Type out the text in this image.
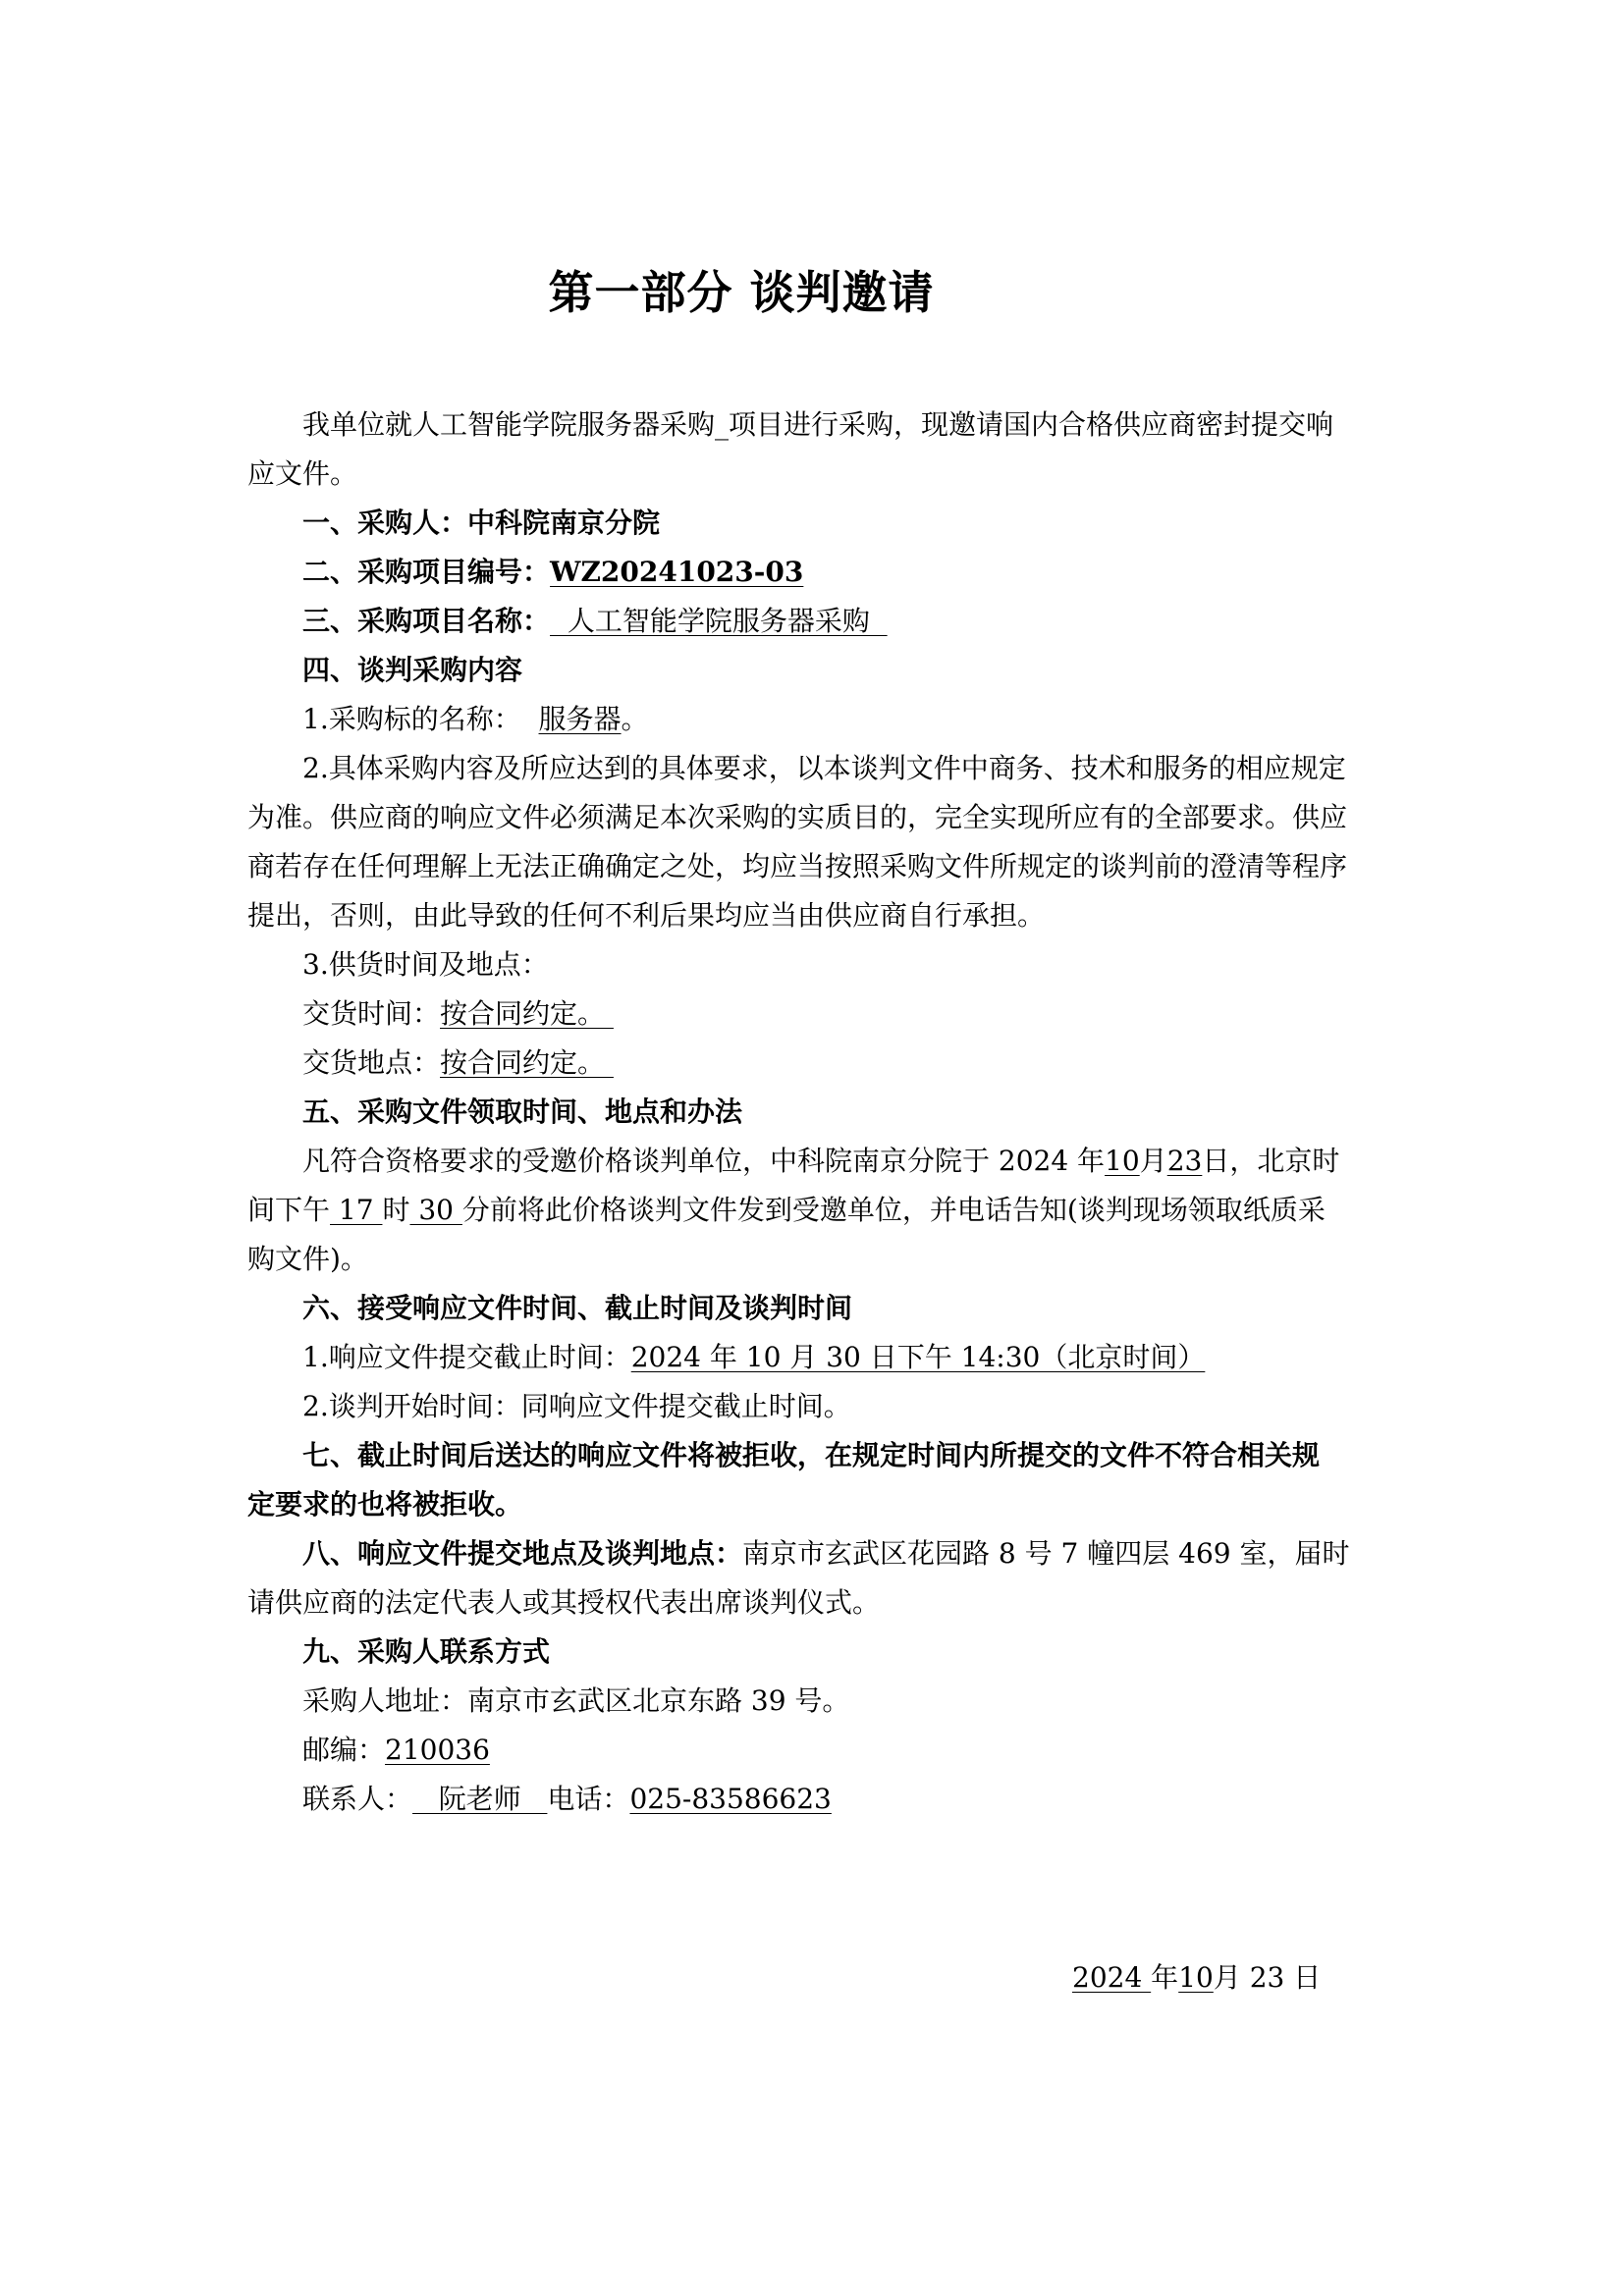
第一部分 谈判邀请

我单位就人工智能学院服务器采购_项目进行采购，现邀请国内合格供应商密封提交响

应文件。

一、采购人：中科院南京分院

二、采购项目编号：WZ20241023-03

三、采购项目名称：  人工智能学院服务器采购

四、谈判采购内容

1.采购标的名称：  服务器。

2.具体采购内容及所应达到的具体要求，以本谈判文件中商务、技术和服务的相应规定

为准。供应商的响应文件必须满足本次采购的实质目的，完全实现所应有的全部要求。供应

商若存在任何理解上无法正确确定之处，均应当按照采购文件所规定的谈判前的澄清等程序

提出，否则，由此导致的任何不利后果均应当由供应商自行承担。

3.供货时间及地点：

交货时间：按合同约定。

交货地点：按合同约定。

五、采购文件领取时间、地点和办法

凡符合资格要求的受邀价格谈判单位，中科院南京分院于 2024 年10月23日，北京时

间下午 17 时 30 分前将此价格谈判文件发到受邀单位，并电话告知(谈判现场领取纸质采

购文件)。

六、接受响应文件时间、截止时间及谈判时间

1.响应文件提交截止时间：2024 年 10 月 30 日下午 14:30（北京时间）

2.谈判开始时间：同响应文件提交截止时间。

七、截止时间后送达的响应文件将被拒收，在规定时间内所提交的文件不符合相关规

定要求的也将被拒收。

八、响应文件提交地点及谈判地点：南京市玄武区花园路 8 号 7 幢四层 469 室，届时

请供应商的法定代表人或其授权代表出席谈判仪式。

九、采购人联系方式

采购人地址：南京市玄武区北京东路 39 号。

邮编：210036

联系人：   阮老师   电话：025-83586623

2024 年10月 23 日
